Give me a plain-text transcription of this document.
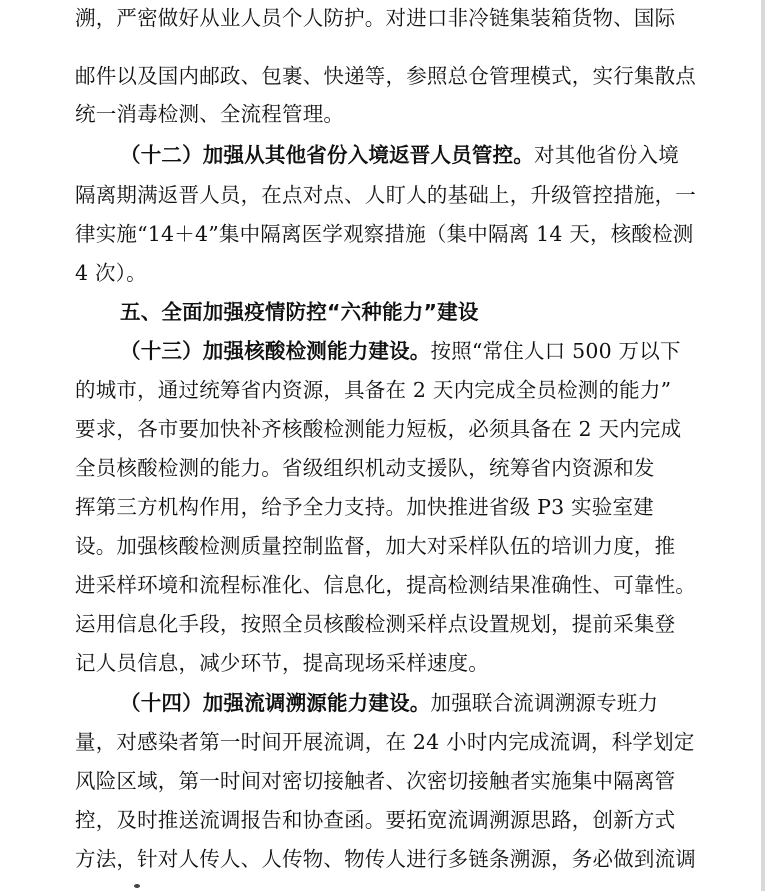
溯，严密做好从业人员个人防护。对进口非冷链集装箱货物、国际
邮件以及国内邮政、包裹、快递等，参照总仓管理模式，实行集散点
统一消毒检测、全流程管理。
（十二）加强从其他省份入境返晋人员管控。对其他省份入境
隔离期满返晋人员，在点对点、人盯人的基础上，升级管控措施，一
律实施“14＋4”集中隔离医学观察措施（集中隔离 14 天，核酸检测
4 次）。
五、全面加强疫情防控“六种能力”建设
（十三）加强核酸检测能力建设。按照“常住人口 500 万以下
的城市，通过统筹省内资源，具备在 2 天内完成全员检测的能力”
要求，各市要加快补齐核酸检测能力短板，必须具备在 2 天内完成
全员核酸检测的能力。省级组织机动支援队，统筹省内资源和发
挥第三方机构作用，给予全力支持。加快推进省级 P3 实验室建
设。加强核酸检测质量控制监督，加大对采样队伍的培训力度，推
进采样环境和流程标准化、信息化，提高检测结果准确性、可靠性。
运用信息化手段，按照全员核酸检测采样点设置规划，提前采集登
记人员信息，减少环节，提高现场采样速度。
（十四）加强流调溯源能力建设。加强联合流调溯源专班力
量，对感染者第一时间开展流调，在 24 小时内完成流调，科学划定
风险区域，第一时间对密切接触者、次密切接触者实施集中隔离管
控，及时推送流调报告和协查函。要拓宽流调溯源思路，创新方式
方法，针对人传人、人传物、物传人进行多链条溯源，务必做到流调
